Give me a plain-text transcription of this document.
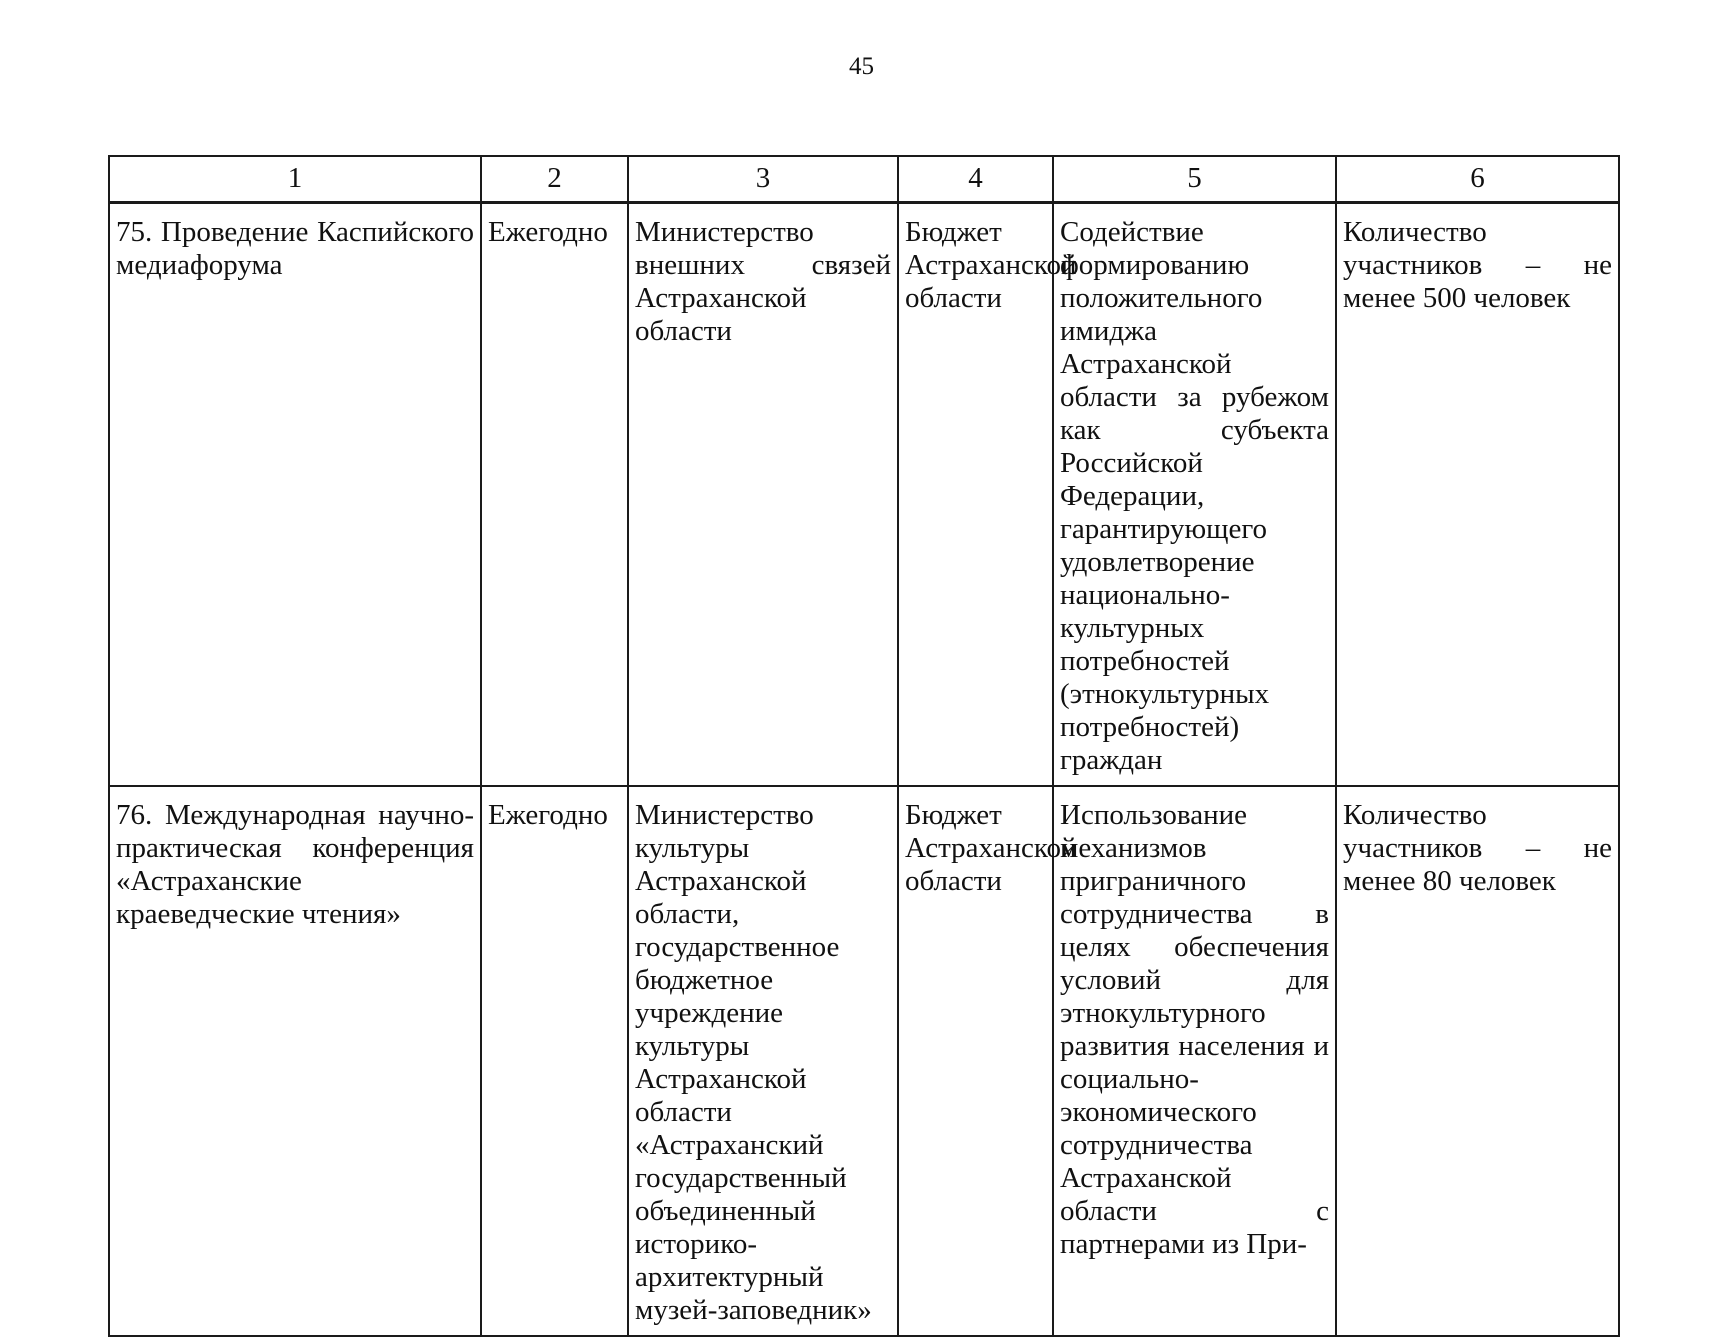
45
1	2	3	4	5	6
75. Проведение Каспийского медиафорума	Ежегодно	Министерство внешних связей Астраханской области	Бюджет Астраханской области	Содействие формированию положительного имиджа Астраханской области за рубежом как субъекта Российской Федерации, гарантирующего удовлетворение национально-культурных потребностей (этнокультурных потребностей) граждан	Количество участников – не менее 500 человек
76. Международная научно-практическая конференция «Астраханские краеведческие чтения»	Ежегодно	Министерство культуры Астраханской области, государственное бюджетное учреждение культуры Астраханской области «Астраханский государственный объединенный историко-архитектурный музей-заповедник»	Бюджет Астраханской области	Использование механизмов приграничного сотрудничества в целях обеспечения условий для этнокультурного развития населения и социально-экономического сотрудничества Астраханской области с партнерами из При-	Количество участников – не менее 80 человек
